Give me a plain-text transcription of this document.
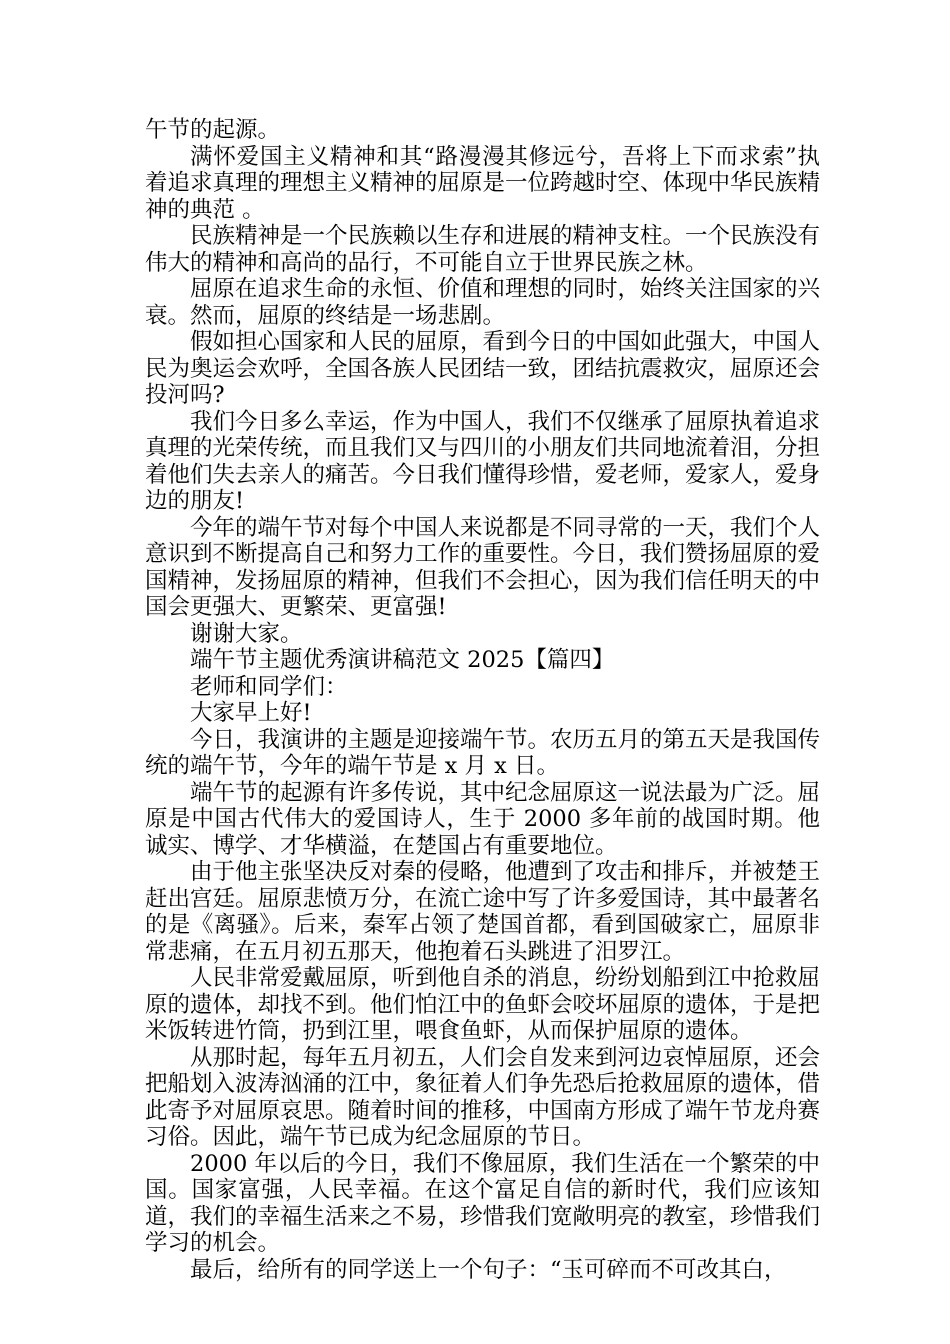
午节的起源。

满怀爱国主义精神和其“路漫漫其修远兮，吾将上下而求索”执着追求真理的理想主义精神的屈原是一位跨越时空、体现中华民族精神的典范 。

民族精神是一个民族赖以生存和进展的精神支柱。一个民族没有伟大的精神和高尚的品行，不可能自立于世界民族之林。

屈原在追求生命的永恒、价值和理想的同时，始终关注国家的兴衰。然而，屈原的终结是一场悲剧。

假如担心国家和人民的屈原，看到今日的中国如此强大，中国人民为奥运会欢呼，全国各族人民团结一致，团结抗震救灾，屈原还会投河吗?

我们今日多么幸运，作为中国人，我们不仅继承了屈原执着追求真理的光荣传统，而且我们又与四川的小朋友们共同地流着泪，分担着他们失去亲人的痛苦。今日我们懂得珍惜，爱老师，爱家人，爱身边的朋友!

今年的端午节对每个中国人来说都是不同寻常的一天，我们个人意识到不断提高自己和努力工作的重要性。今日，我们赞扬屈原的爱国精神，发扬屈原的精神，但我们不会担心，因为我们信任明天的中国会更强大、更繁荣、更富强!

谢谢大家。

端午节主题优秀演讲稿范文 2025【篇四】

老师和同学们：

大家早上好!

今日，我演讲的主题是迎接端午节。农历五月的第五天是我国传统的端午节，今年的端午节是 x 月 x 日。

端午节的起源有许多传说，其中纪念屈原这一说法最为广泛。屈原是中国古代伟大的爱国诗人，生于 2000 多年前的战国时期。他诚实、博学、才华横溢，在楚国占有重要地位。

由于他主张坚决反对秦的侵略，他遭到了攻击和排斥，并被楚王赶出宫廷。屈原悲愤万分，在流亡途中写了许多爱国诗，其中最著名的是《离骚》。后来，秦军占领了楚国首都，看到国破家亡，屈原非常悲痛，在五月初五那天，他抱着石头跳进了汨罗江。

人民非常爱戴屈原，听到他自杀的消息，纷纷划船到江中抢救屈原的遗体，却找不到。他们怕江中的鱼虾会咬坏屈原的遗体，于是把米饭转进竹筒，扔到江里，喂食鱼虾，从而保护屈原的遗体。

从那时起，每年五月初五，人们会自发来到河边哀悼屈原，还会把船划入波涛汹涌的江中，象征着人们争先恐后抢救屈原的遗体，借此寄予对屈原哀思。随着时间的推移，中国南方形成了端午节龙舟赛习俗。因此，端午节已成为纪念屈原的节日。

2000 年以后的今日，我们不像屈原，我们生活在一个繁荣的中国。国家富强，人民幸福。在这个富足自信的新时代，我们应该知道，我们的幸福生活来之不易，珍惜我们宽敞明亮的教室，珍惜我们学习的机会。

最后，给所有的同学送上一个句子：“玉可碎而不可改其白，
